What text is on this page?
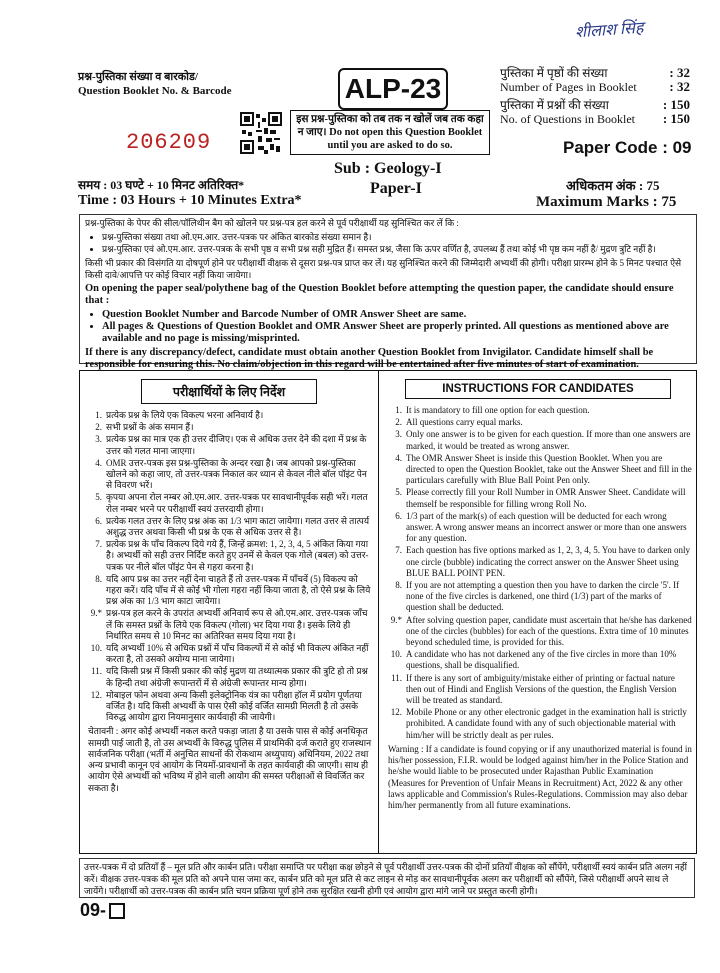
शीलाश सिंह
प्रश्न-पुस्तिका संख्या व बारकोड/
Question Booklet No. & Barcode	ALP-23	पुस्तिका में पृष्ठों की संख्या	: 32
Number of Pages in Booklet	: 32
पुस्तिका में प्रश्नों की संख्या	: 150
No. of Questions in Booklet : 150
इस प्रश्न-पुस्तिका को तब तक न खोलें जब तक कहा न जाए। Do not open this Question Booklet until you are asked to do so.
206209	Paper Code : 09
Sub : Geology-I
Paper-I
समय : 03 घण्टे + 10 मिनट अतिरिक्त*
Time : 03 Hours + 10 Minutes Extra*
अधिकतम अंक : 75
Maximum Marks : 75

प्रश्न-पुस्तिका के पेपर की सील/पॉलिथीन बैग को खोलने पर प्रश्न-पत्र हल करने से पूर्व परीक्षार्थी यह सुनिश्चित कर लें कि :

• प्रश्न-पुस्तिका संख्या तथा ओ.एम.आर. उत्तर-पत्रक पर अंकित बारकोड संख्या समान है।
• प्रश्न-पुस्तिका एवं ओ.एम.आर. उत्तर-पत्रक के सभी पृष्ठ व सभी प्रश्न सही मुद्रित हैं। समस्त प्रश्न, जैसा कि ऊपर वर्णित है, उपलब्ध हैं तथा कोई भी पृष्ठ कम नहीं है/ मुद्रण त्रुटि नहीं है।

किसी भी प्रकार की विसंगति या दोषपूर्ण होने पर परीक्षार्थी वीक्षक से दूसरा प्रश्न-पत्र प्राप्त कर लें। यह सुनिश्चित करने की जिम्मेदारी अभ्यर्थी की होगी। परीक्षा प्रारम्भ होने के 5 मिनट पश्चात ऐसे किसी दावे/आपत्ति पर कोई विचार नहीं किया जायेगा।

On opening the paper seal/polythene bag of the Question Booklet before attempting the question paper, the candidate should ensure that :

• Question Booklet Number and Barcode Number of OMR Answer Sheet are same.
• All pages & Questions of Question Booklet and OMR Answer Sheet are properly printed. All questions as mentioned above are available and no page is missing/misprinted.

If there is any discrepancy/defect, candidate must obtain another Question Booklet from Invigilator. Candidate himself shall be responsible for ensuring this. No claim/objection in this regard will be entertained after five minutes of start of examination.

परीक्षार्थियों के लिए निर्देश
1. प्रत्येक प्रश्न के लिये एक विकल्प भरना अनिवार्य है।
2. सभी प्रश्नों के अंक समान हैं।
3. प्रत्येक प्रश्न का मात्र एक ही उत्तर दीजिए। एक से अधिक उत्तर देने की दशा में प्रश्न के उत्तर को गलत माना जाएगा।
4. OMR उत्तर-पत्रक इस प्रश्न-पुस्तिका के अन्दर रखा है। जब आपको प्रश्न-पुस्तिका खोलने को कहा जाए, तो उत्तर-पत्रक निकाल कर ध्यान से केवल नीले बॉल पॉइंट पेन से विवरण भरें।
5. कृपया अपना रोल नम्बर ओ.एम.आर. उत्तर-पत्रक पर सावधानीपूर्वक सही भरें। गलत रोल नम्बर भरने पर परीक्षार्थी स्वयं उत्तरदायी होगा।
6. प्रत्येक गलत उत्तर के लिए प्रश्न अंक का 1/3 भाग काटा जायेगा। गलत उत्तर से तात्पर्य अशुद्ध उत्तर अथवा किसी भी प्रश्न के एक से अधिक उत्तर से है।
7. प्रत्येक प्रश्न के पाँच विकल्प दिये गये हैं, जिन्हें क्रमश: 1, 2, 3, 4, 5 अंकित किया गया है। अभ्यर्थी को सही उत्तर निर्दिष्ट करते हुए उनमें से केवल एक गोले (बबल) को उत्तर-पत्रक पर नीले बॉल पॉइंट पेन से गहरा करना है।
8. यदि आप प्रश्न का उत्तर नहीं देना चाहते हैं तो उत्तर-पत्रक में पाँचवें (5) विकल्प को गहरा करें। यदि पाँच में से कोई भी गोला गहरा नहीं किया जाता है, तो ऐसे प्रश्न के लिये प्रश्न अंक का 1/3 भाग काटा जायेगा।
9.* प्रश्न-पत्र हल करने के उपरांत अभ्यर्थी अनिवार्य रूप से ओ.एम.आर. उत्तर-पत्रक जाँच लें कि समस्त प्रश्नों के लिये एक विकल्प (गोला) भर दिया गया है। इसके लिये ही निर्धारित समय से 10 मिनट का अतिरिक्त समय दिया गया है।
10. यदि अभ्यर्थी 10% से अधिक प्रश्नों में पाँच विकल्पों में से कोई भी विकल्प अंकित नहीं करता है, तो उसको अयोग्य माना जायेगा।
11. यदि किसी प्रश्न में किसी प्रकार की कोई मुद्रण या तथ्यात्मक प्रकार की त्रुटि हो तो प्रश्न के हिन्दी तथा अंग्रेजी रूपान्तरों में से अंग्रेजी रूपान्तर मान्य होगा।
12. मोबाइल फोन अथवा अन्य किसी इलेक्ट्रोनिक यंत्र का परीक्षा हॉल में प्रयोग पूर्णतया वर्जित है। यदि किसी अभ्यर्थी के पास ऐसी कोई वर्जित सामग्री मिलती है तो उसके विरुद्ध आयोग द्वारा नियमानुसार कार्यवाही की जायेगी।
चेतावनी : अगर कोई अभ्यर्थी नकल करते पकड़ा जाता है या उसके पास से कोई अनधिकृत सामग्री पाई जाती है, तो उस अभ्यर्थी के विरुद्ध पुलिस में प्राथमिकी दर्ज कराते हुए राजस्थान सार्वजनिक परीक्षा (भर्ती में अनुचित साधनों की रोकथाम अध्युपाय) अधिनियम, 2022 तथा अन्य प्रभावी कानून एवं आयोग के नियमों-प्रावधानों के तहत कार्यवाही की जाएगी। साथ ही आयोग ऐसे अभ्यर्थी को भविष्य में होने वाली आयोग की समस्त परीक्षाओं से विवर्जित कर सकता है।
INSTRUCTIONS FOR CANDIDATES
1. It is mandatory to fill one option for each question.
2. All questions carry equal marks.
3. Only one answer is to be given for each question. If more than one answers are marked, it would be treated as wrong answer.
4. The OMR Answer Sheet is inside this Question Booklet. When you are directed to open the Question Booklet, take out the Answer Sheet and fill in the particulars carefully with Blue Ball Point Pen only.
5. Please correctly fill your Roll Number in OMR Answer Sheet. Candidate will themself be responsible for filling wrong Roll No.
6. 1/3 part of the mark(s) of each question will be deducted for each wrong answer. A wrong answer means an incorrect answer or more than one answers for any question.
7. Each question has five options marked as 1, 2, 3, 4, 5. You have to darken only one circle (bubble) indicating the correct answer on the Answer Sheet using BLUE BALL POINT PEN.
8. If you are not attempting a question then you have to darken the circle '5'. If none of the five circles is darkened, one third (1/3) part of the marks of question shall be deducted.
9.* After solving question paper, candidate must ascertain that he/she has darkened one of the circles (bubbles) for each of the questions. Extra time of 10 minutes beyond scheduled time, is provided for this.
10. A candidate who has not darkened any of the five circles in more than 10% questions, shall be disqualified.
11. If there is any sort of ambiguity/mistake either of printing or factual nature then out of Hindi and English Versions of the question, the English Version will be treated as standard.
12. Mobile Phone or any other electronic gadget in the examination hall is strictly prohibited. A candidate found with any of such objectionable material with him/her will be strictly dealt as per rules.
Warning : If a candidate is found copying or if any unauthorized material is found in his/her possession, F.I.R. would be lodged against him/her in the Police Station and he/she would liable to be prosecuted under Rajasthan Public Examination (Measures for Prevention of Unfair Means in Recruitment) Act, 2022 & any other laws applicable and Commission's Rules-Regulations. Commission may also debar him/her permanently from all future examinations.
उत्तर-पत्रक में दो प्रतियाँ हैं – मूल प्रति और कार्बन प्रति। परीक्षा समाप्ति पर परीक्षा कक्ष छोड़ने से पूर्व परीक्षार्थी उत्तर-पत्रक की दोनों प्रतियाँ वीक्षक को सौंपेंगे, परीक्षार्थी स्वयं कार्बन प्रति अलग नहीं करें। वीक्षक उत्तर-पत्रक की मूल प्रति को अपने पास जमा कर, कार्बन प्रति को मूल प्रति से कट लाइन से मोड़ कर सावधानीपूर्वक अलग कर परीक्षार्थी को सौंपेंगे, जिसे परीक्षार्थी अपने साथ ले जायेंगे। परीक्षार्थी को उत्तर-पत्रक की कार्बन प्रति चयन प्रक्रिया पूर्ण होने तक सुरक्षित रखनी होगी एवं आयोग द्वारा मांगे जाने पर प्रस्तुत करनी होगी।
09-
